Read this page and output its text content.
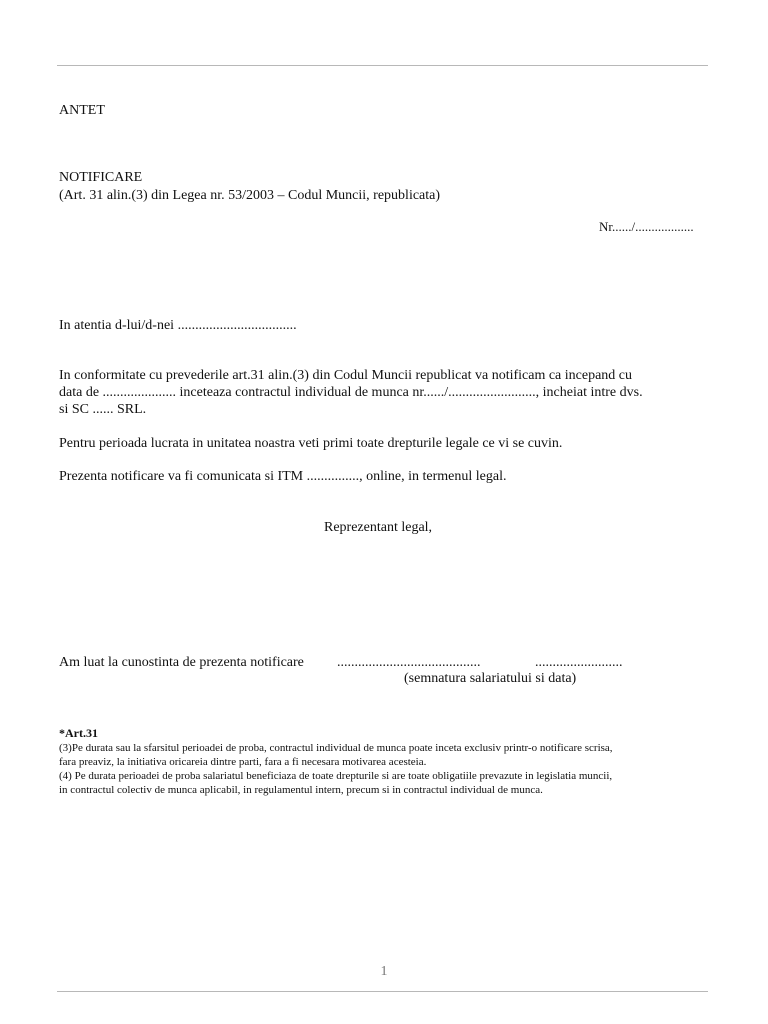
ANTET

NOTIFICARE

(Art. 31 alin.(3) din Legea nr. 53/2003 – Codul Muncii, republicata)

Nr....../..................

In atentia d-lui/d-nei ..................................

In conformitate cu prevederile art.31 alin.(3) din Codul Muncii republicat va notificam ca incepand cu

data de ..................... inceteaza contractul individual de munca nr....../........................., incheiat intre dvs.

si SC ...... SRL.

Pentru perioada lucrata in unitatea noastra veti primi toate drepturile legale ce vi se cuvin.

Prezenta notificare va fi comunicata si ITM ..............., online, in termenul legal.

Reprezentant legal,

Am luat la cunostinta de prezenta notificare .........................................	.........................

(semnatura salariatului si data)

*Art.31

(3)Pe durata sau la sfarsitul perioadei de proba, contractul individual de munca poate inceta exclusiv printr-o notificare scrisa,

fara preaviz, la initiativa oricareia dintre parti, fara a fi necesara motivarea acesteia.

(4) Pe durata perioadei de proba salariatul beneficiaza de toate drepturile si are toate obligatiile prevazute in legislatia muncii,

in contractul colectiv de munca aplicabil, in regulamentul intern, precum si in contractul individual de munca.

1
